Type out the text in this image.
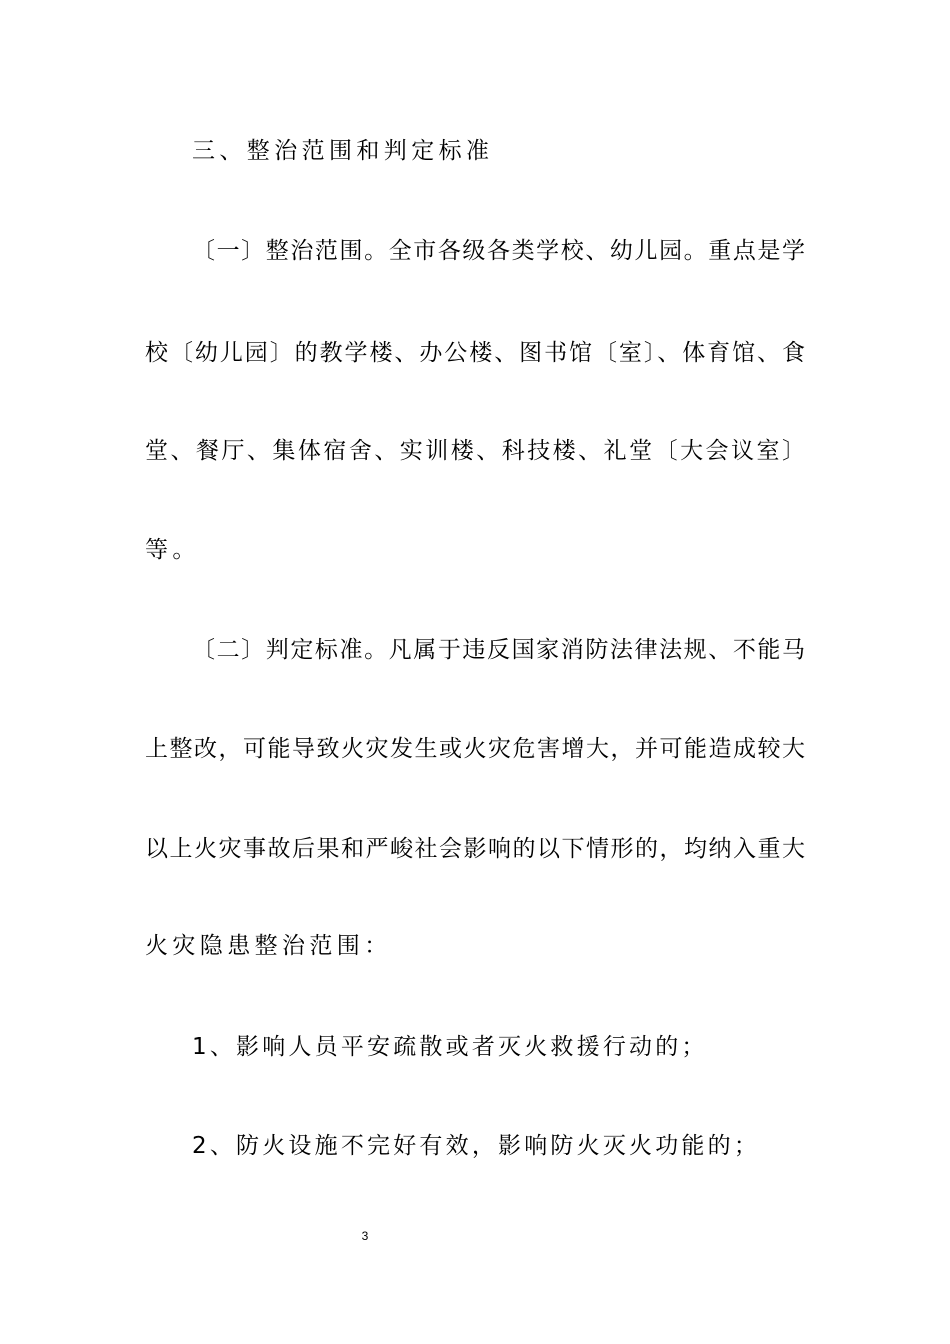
三、整治范围和判定标准
〔一〕整治范围。全市各级各类学校、幼儿园。重点是学
校〔幼儿园〕的教学楼、办公楼、图书馆〔室〕、体育馆、食
堂、餐厅、集体宿舍、实训楼、科技楼、礼堂〔大会议室〕
等。
〔二〕判定标准。凡属于违反国家消防法律法规、不能马
上整改，可能导致火灾发生或火灾危害增大，并可能造成较大
以上火灾事故后果和严峻社会影响的以下情形的，均纳入重大
火灾隐患整治范围：
1、影响人员平安疏散或者灭火救援行动的；
2、防火设施不完好有效，影响防火灭火功能的；
3
